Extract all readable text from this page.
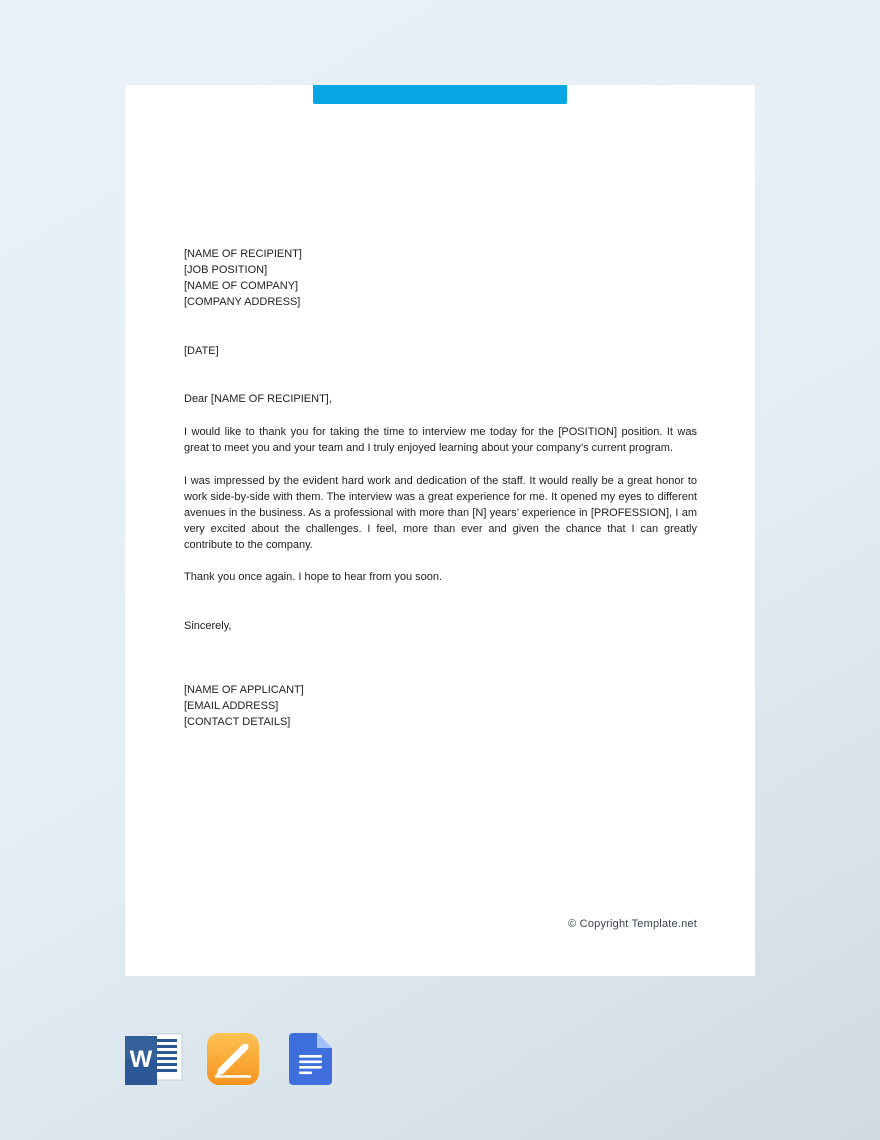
[NAME OF RECIPIENT]
[JOB POSITION]
[NAME OF COMPANY]
[COMPANY ADDRESS]
[DATE]
Dear [NAME OF RECIPIENT],

I would like to thank you for taking the time to interview me today for the [POSITION] position. It was great to meet you and your team and I truly enjoyed learning about your company’s current program.

I was impressed by the evident hard work and dedication of the staff. It would really be a great honor to work side-by-side with them. The interview was a great experience for me. It opened my eyes to different avenues in the business. As a professional with more than [N] years’ experience in [PROFESSION], I am very excited about the challenges. I feel, more than ever and given the chance that I can greatly contribute to the company.

Thank you once again. I hope to hear from you soon.

Sincerely,
[NAME OF APPLICANT]
[EMAIL ADDRESS]
[CONTACT DETAILS]
© Copyright Template.net
W
